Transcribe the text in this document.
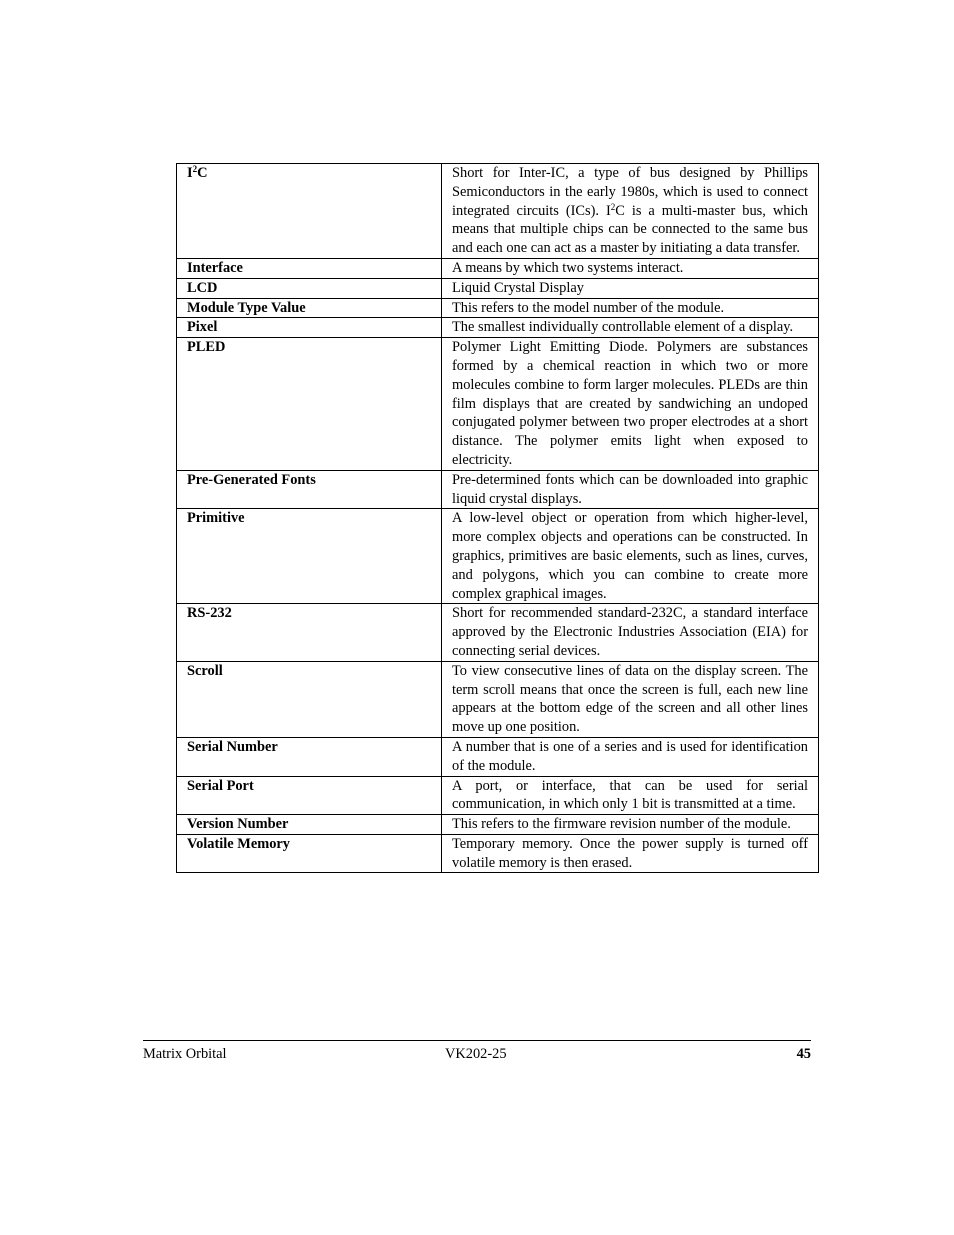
$I^2C$	Short for Inter-IC, a type of bus designed by Phillips Semiconductors in the early 1980s, which is used to connect integrated circuits (ICs). $I^2C$ is a multi-master bus, which means that multiple chips can be connected to the same bus and each one can act as a master by initiating a data transfer.
Interface	A means by which two systems interact.
LCD	Liquid Crystal Display
Module Type Value	This refers to the model number of the module.
Pixel	The smallest individually controllable element of a display.
PLED	Polymer Light Emitting Diode. Polymers are substances formed by a chemical reaction in which two or more molecules combine to form larger molecules. PLEDs are thin film displays that are created by sandwiching an undoped conjugated polymer between two proper electrodes at a short distance. The polymer emits light when exposed to electricity.
Pre-Generated Fonts	Pre-determined fonts which can be downloaded into graphic liquid crystal displays.
Primitive	A low-level object or operation from which higher-level, more complex objects and operations can be constructed. In graphics, primitives are basic elements, such as lines, curves, and polygons, which you can combine to create more complex graphical images.
RS-232	Short for recommended standard-232C, a standard interface approved by the Electronic Industries Association (EIA) for connecting serial devices.
Scroll	To view consecutive lines of data on the display screen. The term scroll means that once the screen is full, each new line appears at the bottom edge of the screen and all other lines move up one position.
Serial Number	A number that is one of a series and is used for identification of the module.
Serial Port	A port, or interface, that can be used for serial communication, in which only 1 bit is transmitted at a time.
Version Number	This refers to the firmware revision number of the module.
Volatile Memory	Temporary memory. Once the power supply is turned off volatile memory is then erased.
Matrix Orbital	VK202-25	45
